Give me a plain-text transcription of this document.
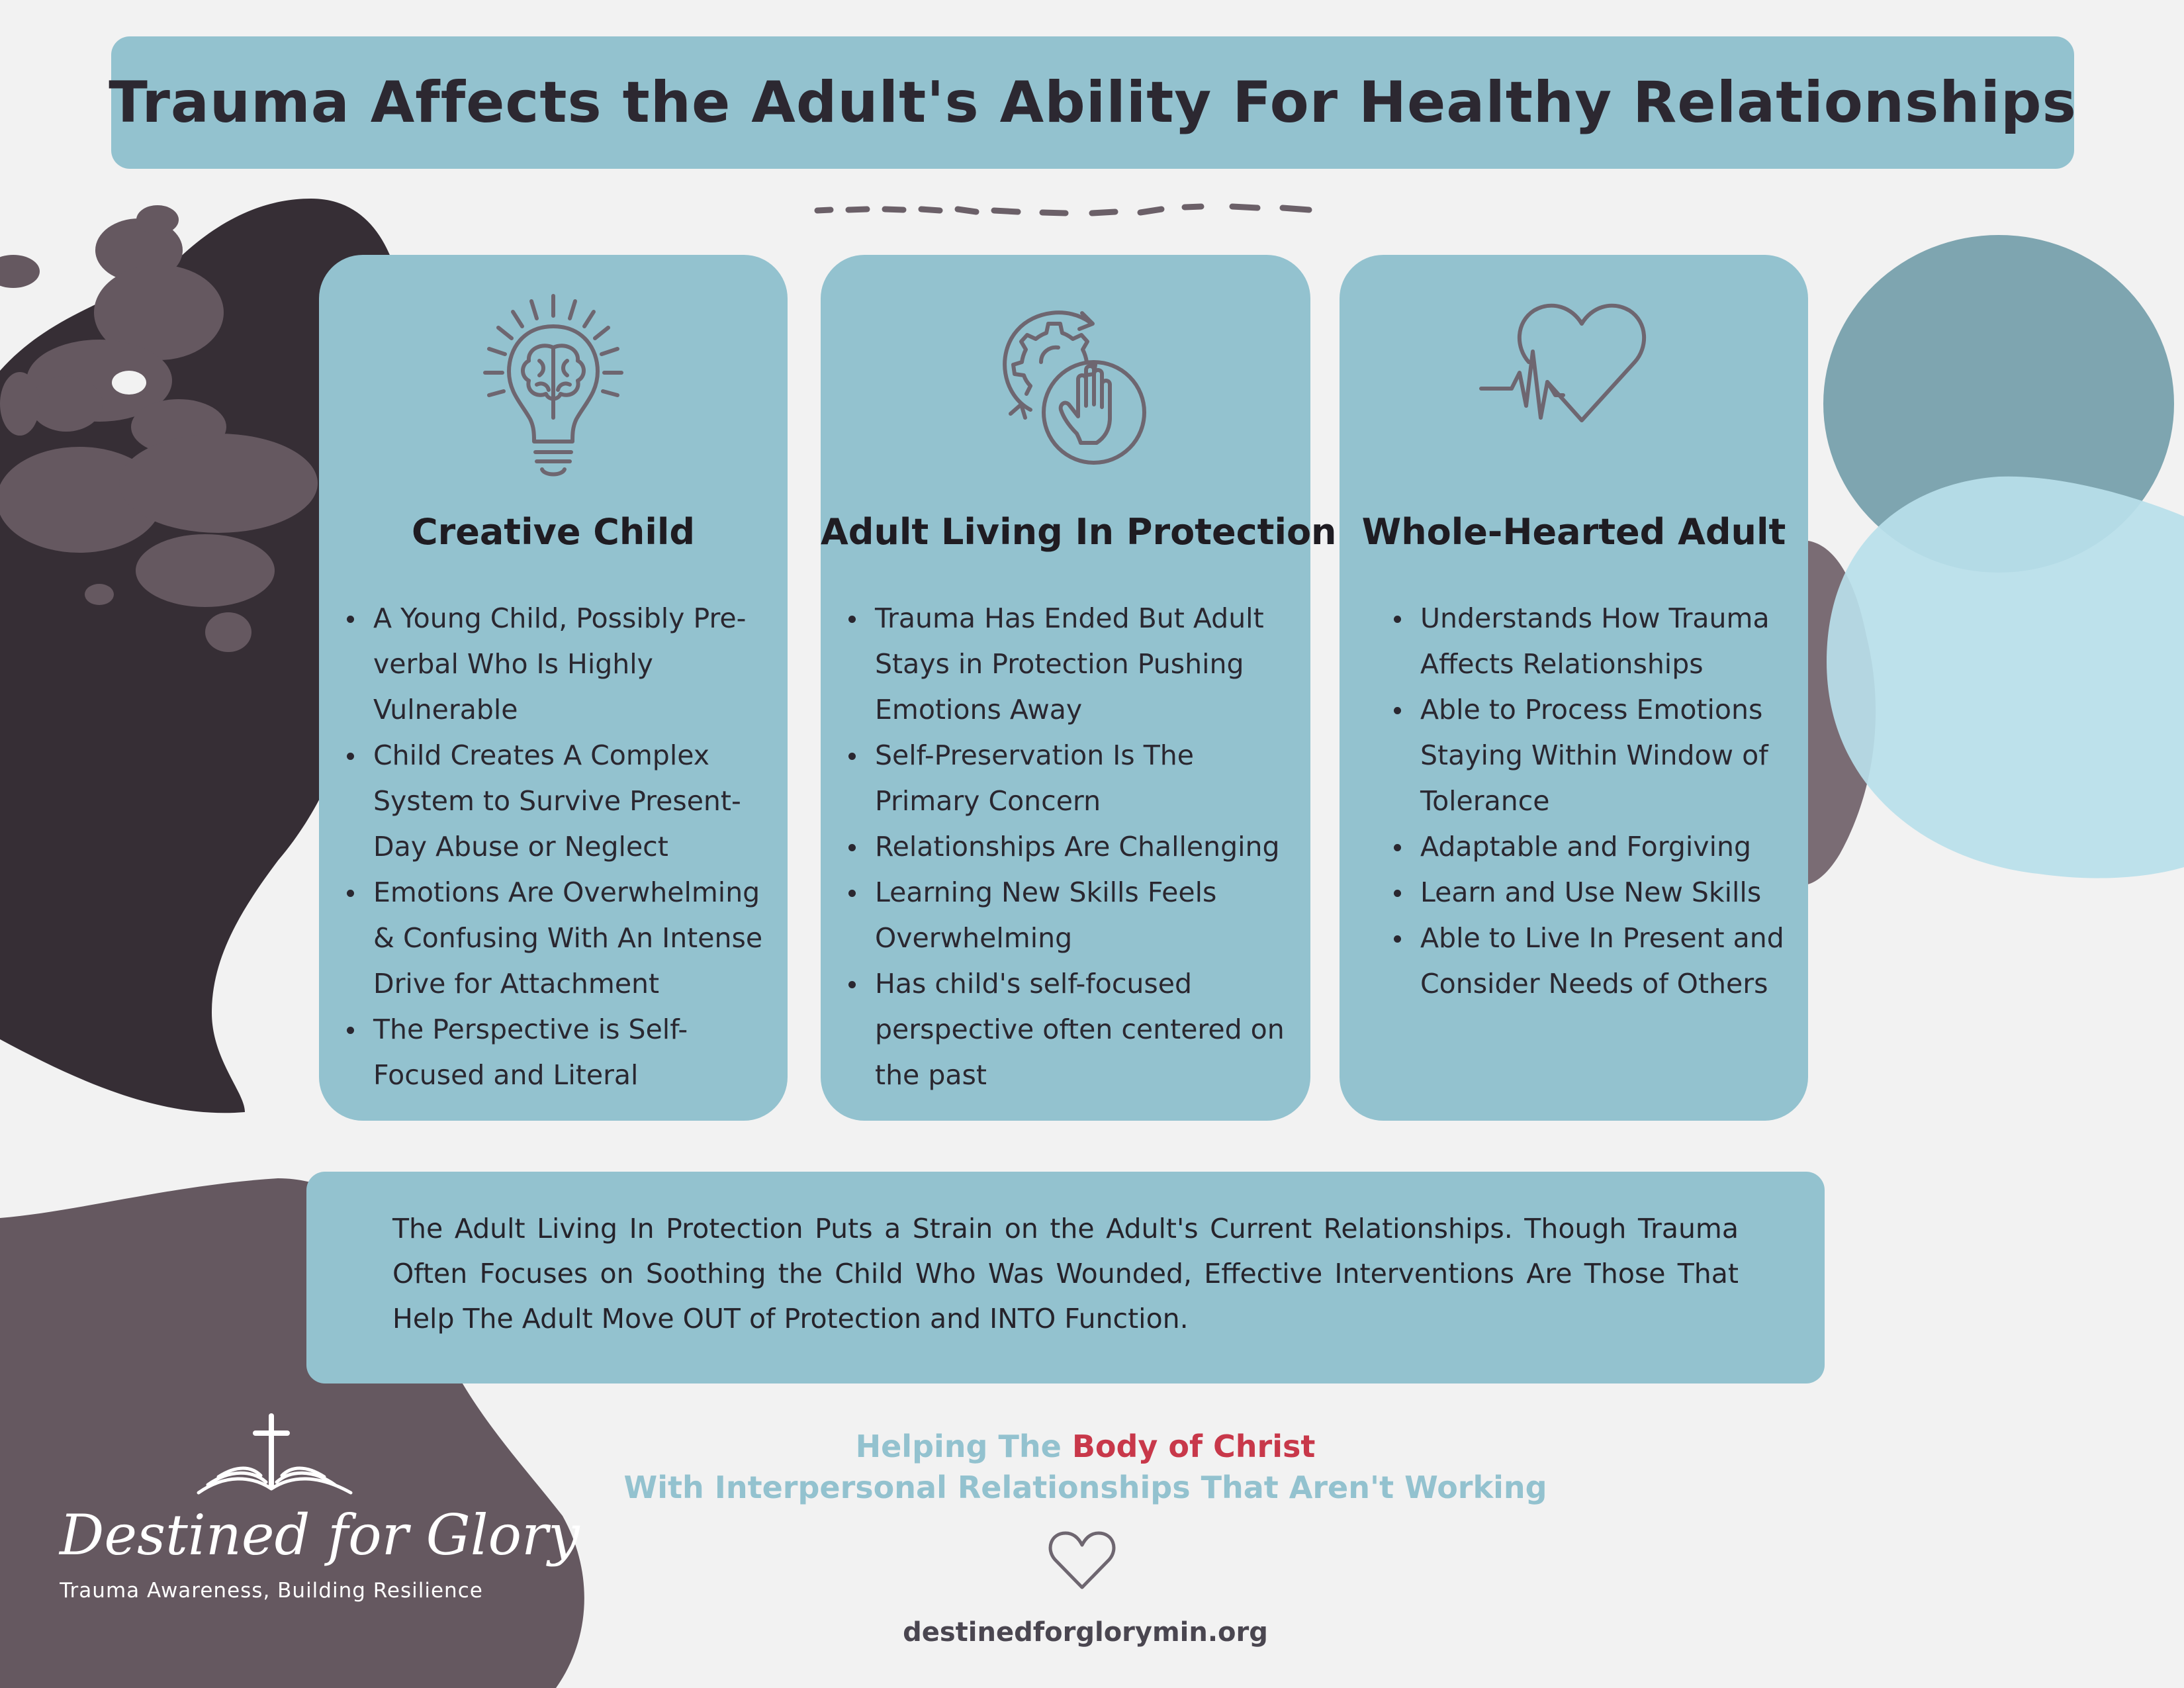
Trauma Affects the Adult's Ability For Healthy Relationships
Creative Child
A Young Child, Possibly Pre-verbal Who Is Highly Vulnerable
Child Creates A Complex System to Survive Present-Day Abuse or Neglect
Emotions Are Overwhelming & Confusing With An Intense Drive for Attachment
The Perspective is Self-Focused and Literal
Adult Living In Protection
Trauma Has Ended But Adult Stays in Protection Pushing Emotions Away
Self-Preservation Is The Primary Concern
Relationships Are Challenging
Learning New Skills Feels Overwhelming
Has child's self-focused perspective often centered on the past
Whole-Hearted Adult
Understands How Trauma Affects Relationships
Able to Process Emotions Staying Within Window of Tolerance
Adaptable and Forgiving
Learn and Use New Skills
Able to Live In Present and Consider Needs of Others

The Adult Living In Protection Puts a Strain on the Adult's Current Relationships. Though Trauma Often Focuses on Soothing the Child Who Was Wounded, Effective Interventions Are Those That Help The Adult Move OUT of Protection and INTO Function.

Helping The Body of Christ
With Interpersonal Relationships That Aren't Working
destinedforglorymin.org
Destined for Glory
Trauma Awareness, Building Resilience
